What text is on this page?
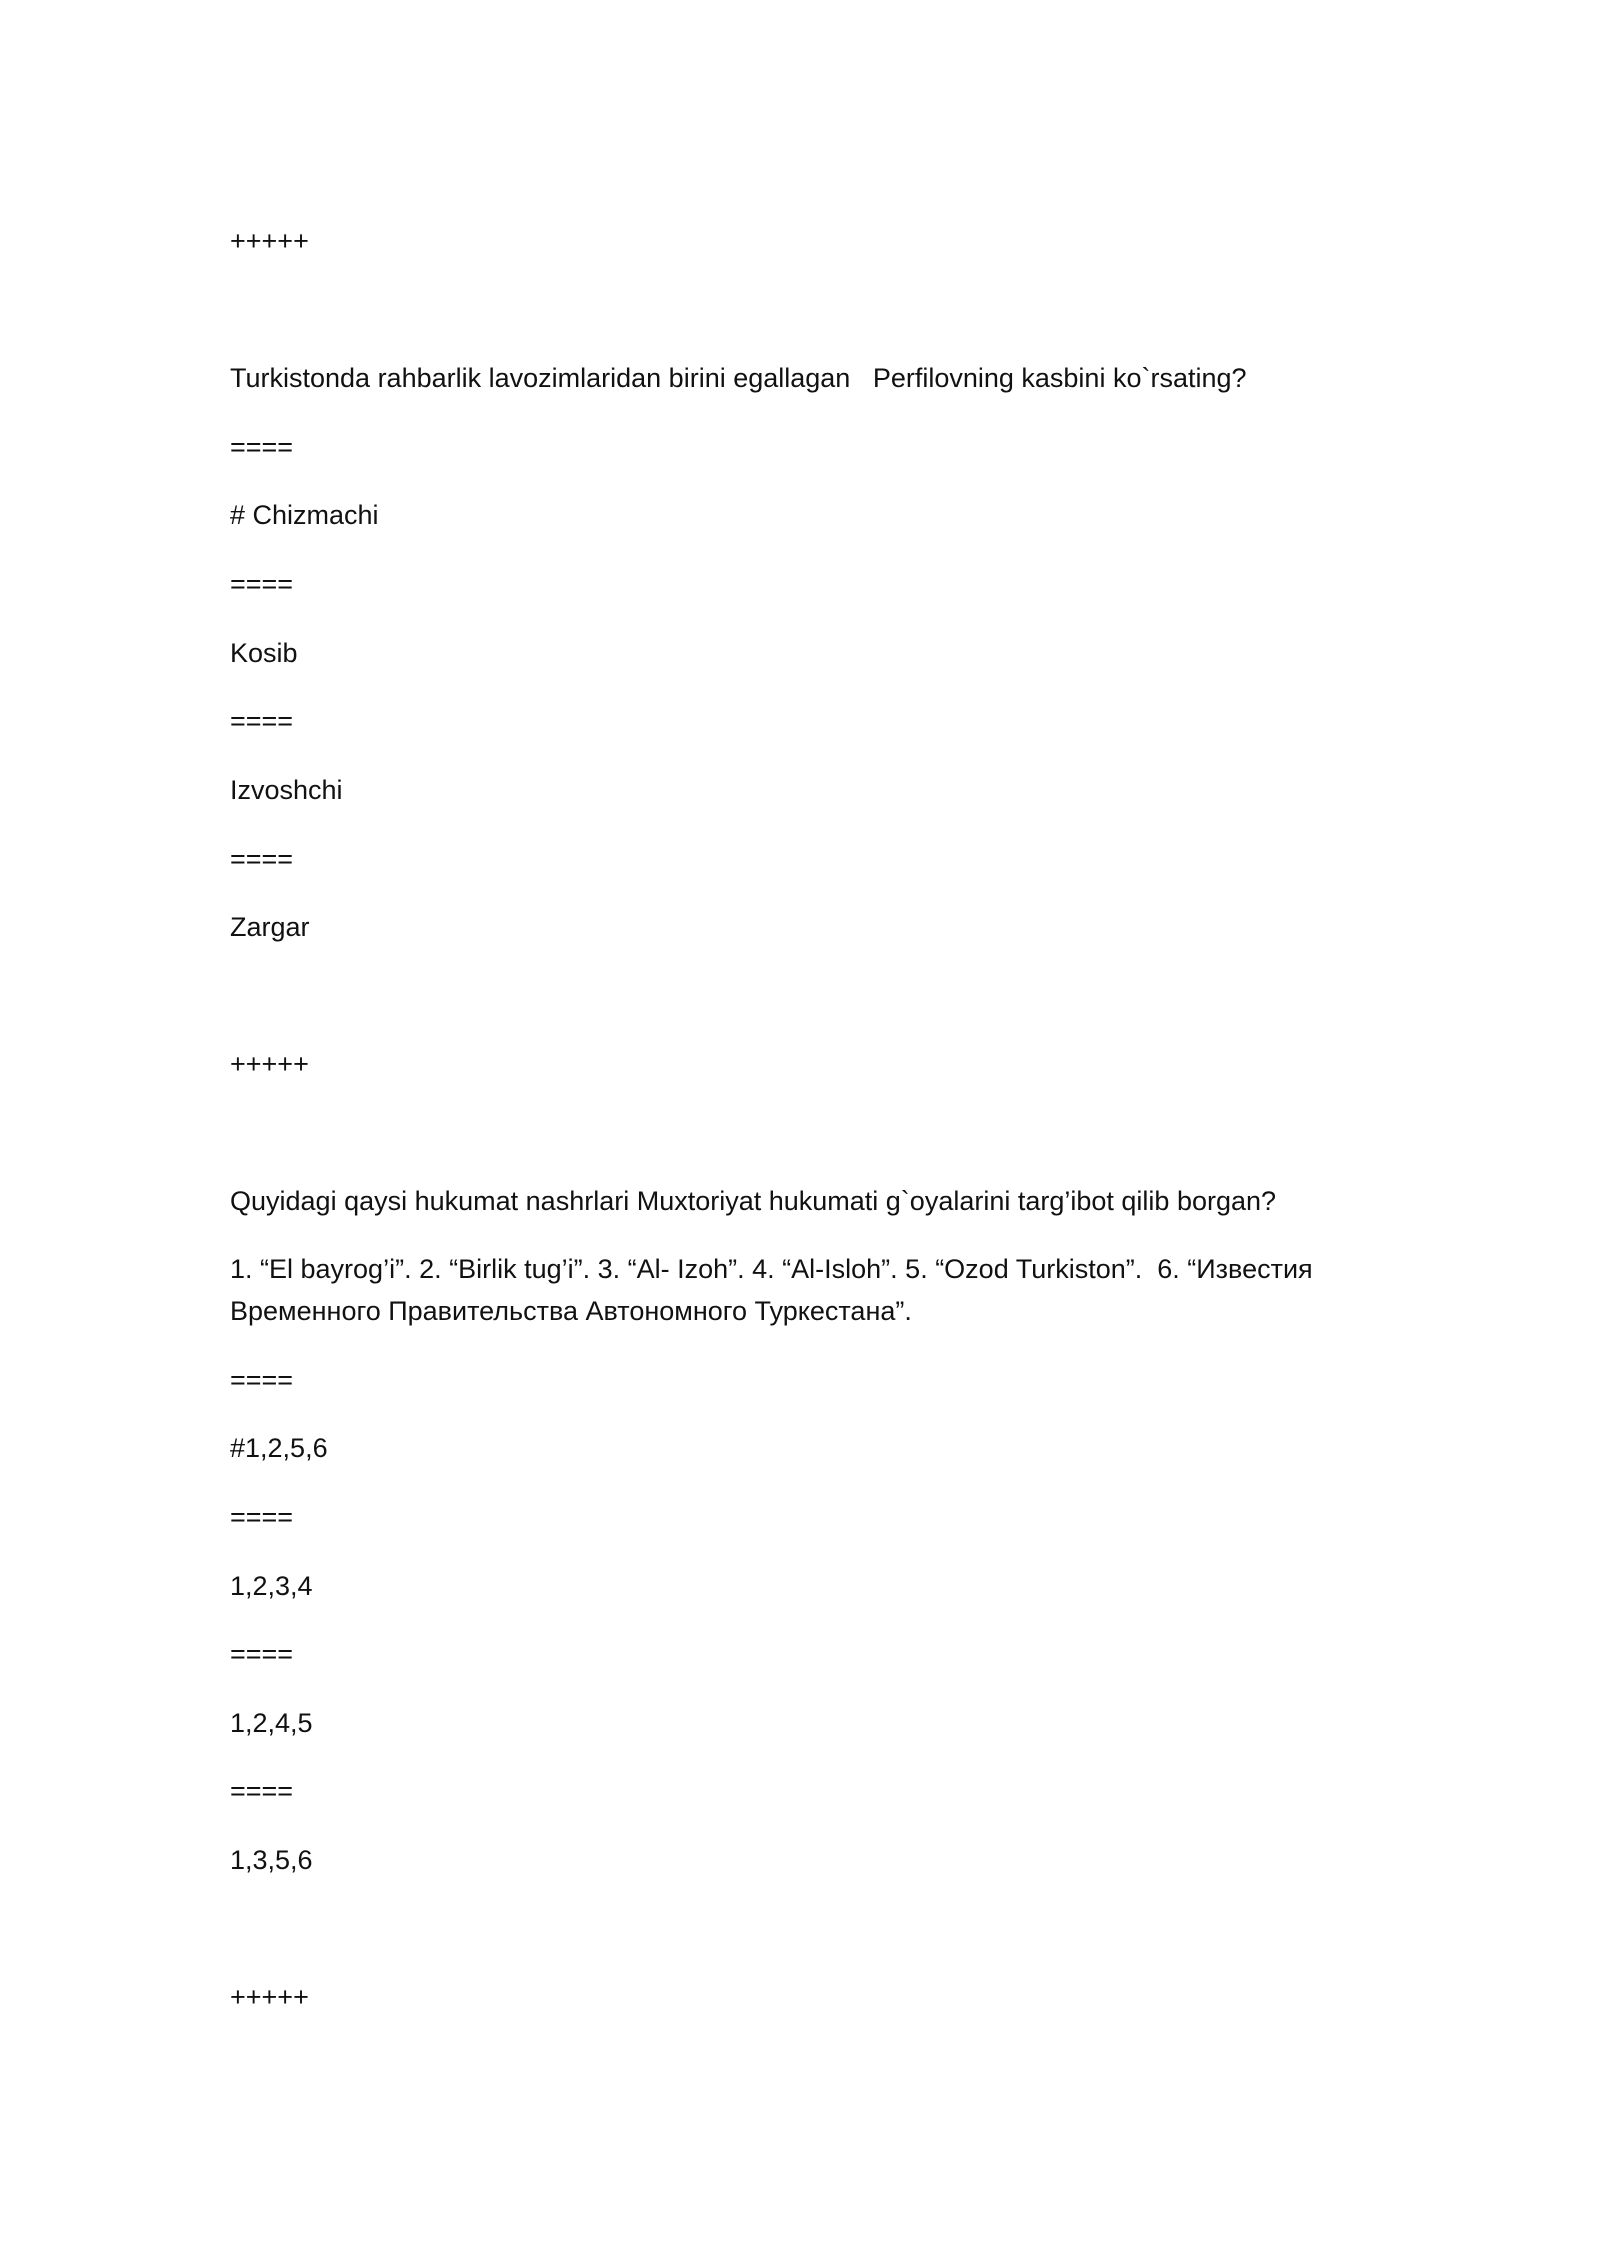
+++++
Turkistonda rahbarlik lavozimlaridan birini egallagan   Perfilovning kasbini ko`rsating?
====
# Chizmachi
====
Kosib
====
Izvoshchi
====
Zargar
+++++
Quyidagi qaysi hukumat nashrlari Muxtoriyat hukumati g`oyalarini targ’ibot qilib borgan?
1. “El bayrog’i”. 2. “Birlik tug’i”. 3. “Al- Izoh”. 4. “Al-Isloh”. 5. “Ozod Turkiston”.  6. “Известия Временного Правительства Автономного Туркестана”.
====
#1,2,5,6
====
1,2,3,4
====
1,2,4,5
====
1,3,5,6
+++++
